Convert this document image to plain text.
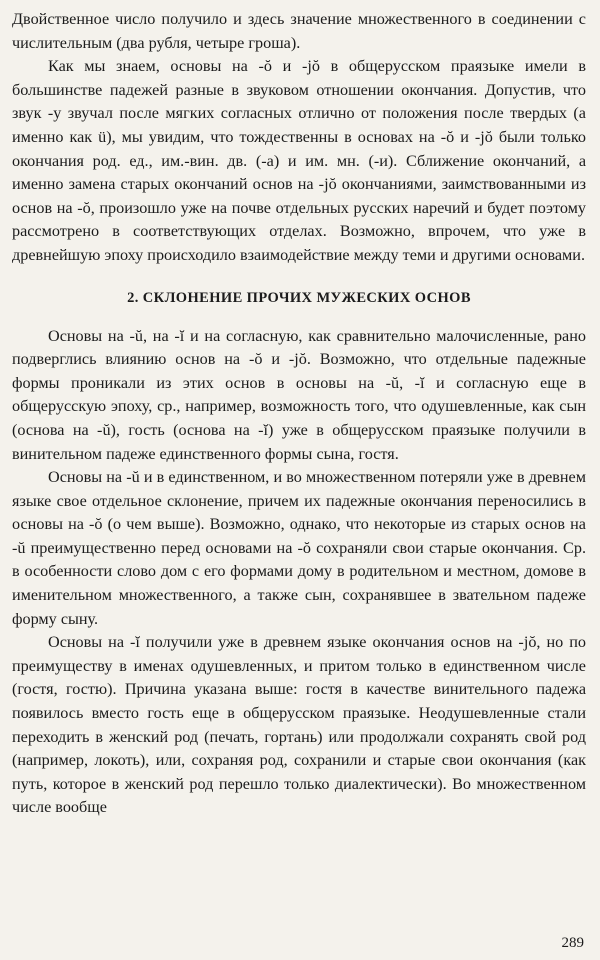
Двойственное число получило и здесь значение множественного в соединении с числительным (два рубля, четыре гроша).

Как мы знаем, основы на -ŏ и -jŏ в общерусском праязыке имели в большинстве падежей разные в звуковом отношении окончания. Допустив, что звук -у звучал после мягких согласных отлично от положения после твердых (а именно как ü), мы увидим, что тождественны в основах на -ŏ и -jŏ были только окончания род. ед., им.-вин. дв. (-а) и им. мн. (-и). Сближение окончаний, а именно замена старых окончаний основ на -jŏ окончаниями, заимствованными из основ на -ŏ, произошло уже на почве отдельных русских наречий и будет поэтому рассмотрено в соответствующих отделах. Возможно, впрочем, что уже в древнейшую эпоху происходило взаимодействие между теми и другими основами.

2. СКЛОНЕНИЕ ПРОЧИХ МУЖЕСКИХ ОСНОВ

Основы на -ŭ, на -ĭ и на согласную, как сравнительно малочисленные, рано подверглись влиянию основ на -ŏ и -jŏ. Возможно, что отдельные падежные формы проникали из этих основ в основы на -ŭ, -ĭ и согласную еще в общерусскую эпоху, ср., например, возможность того, что одушевленные, как сын (основа на -ŭ), гость (основа на -ĭ) уже в общерусском праязыке получили в винительном падеже единственного формы сына, гостя.

Основы на -ŭ и в единственном, и во множественном потеряли уже в древнем языке свое отдельное склонение, причем их падежные окончания переносились в основы на -ŏ (о чем выше). Возможно, однако, что некоторые из старых основ на -ŭ преимущественно перед основами на -ŏ сохраняли свои старые окончания. Ср. в особенности слово дом с его формами дому в родительном и местном, домове в именительном множественного, а также сын, сохранявшее в звательном падеже форму сыну.

Основы на -ĭ получили уже в древнем языке окончания основ на -jŏ, но по преимуществу в именах одушевленных, и притом только в единственном числе (гостя, гостю). Причина указана выше: гостя в качестве винительного падежа появилось вместо гость еще в общерусском праязыке. Неодушевленные стали переходить в женский род (печать, гортань) или продолжали сохранять свой род (например, локоть), или, сохраняя род, сохранили и старые свои окончания (как путь, которое в женский род перешло только диалектически). Во множественном числе вообще

289
